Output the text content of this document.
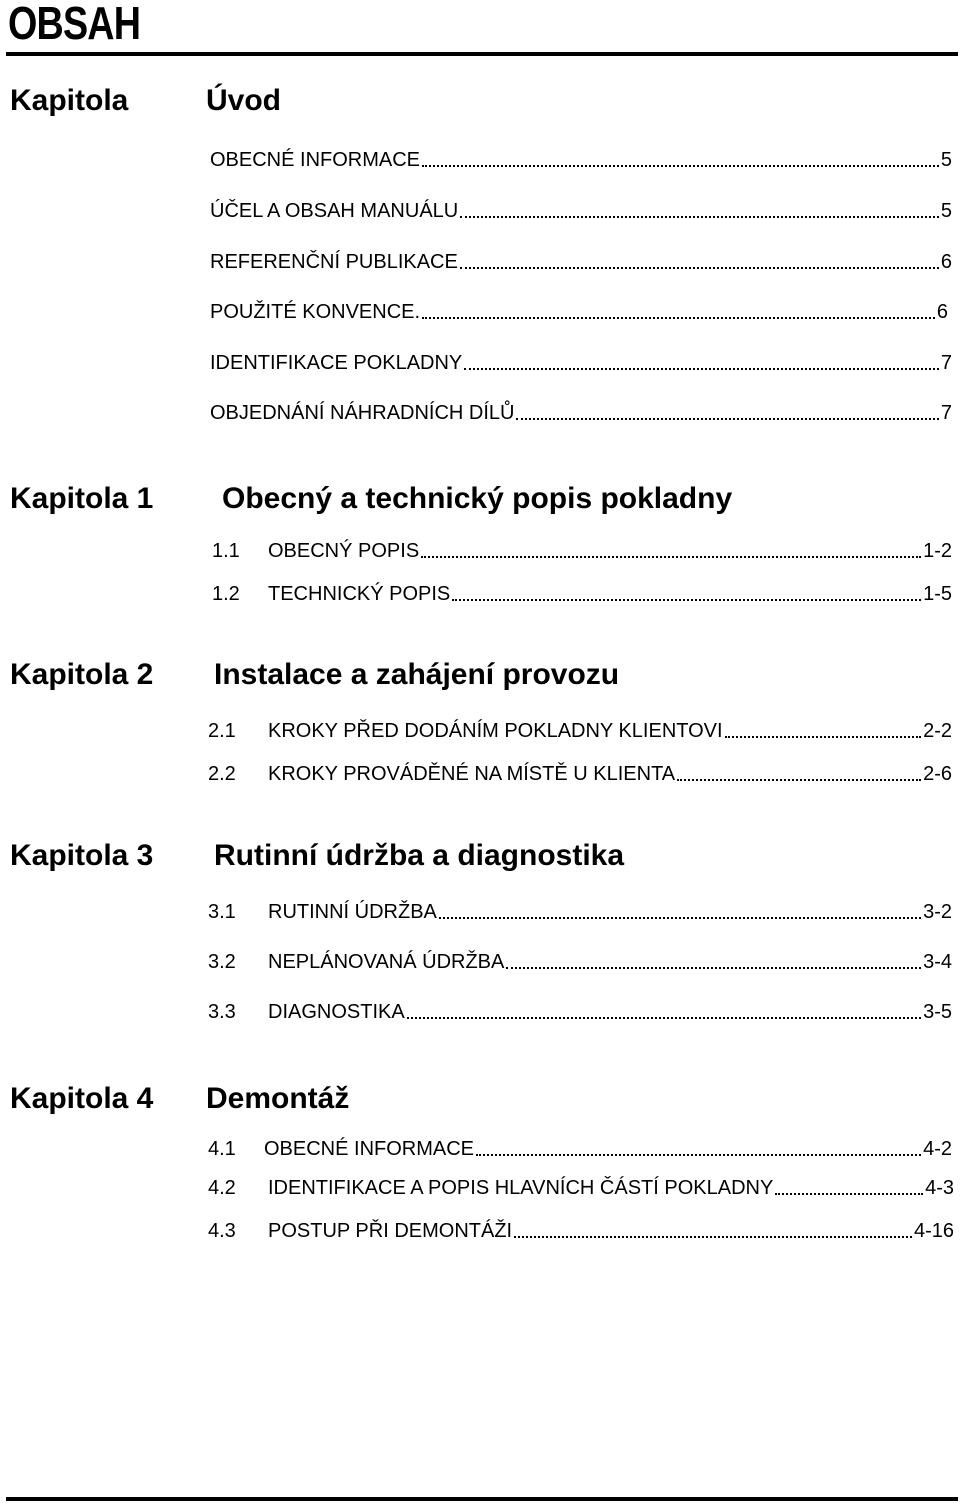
OBSAH
Kapitola	Úvod
OBECNÉ INFORMACE	5
ÚČEL A OBSAH MANUÁLU	5
REFERENČNÍ PUBLIKACE	6
POUŽITÉ KONVENCE.	6
IDENTIFIKACE POKLADNY	7
OBJEDNÁNÍ NÁHRADNÍCH DÍLŮ	7
Kapitola 1 Obecný a technický popis pokladny
1.1	OBECNÝ POPIS	1-2
1.2	TECHNICKÝ POPIS	1-5
Kapitola 2 Instalace a zahájení provozu
2.1	KROKY PŘED DODÁNÍM POKLADNY KLIENTOVI	2-2
2.2	KROKY PROVÁDĚNÉ NA MÍSTĚ U KLIENTA	2-6
Kapitola 3 Rutinní údržba a diagnostika
3.1	RUTINNÍ ÚDRŽBA	3-2
3.2	NEPLÁNOVANÁ ÚDRŽBA	3-4
3.3	DIAGNOSTIKA	3-5
Kapitola 4 Demontáž
4.1	OBECNÉ INFORMACE	4-2
4.2	IDENTIFIKACE A POPIS HLAVNÍCH ČÁSTÍ POKLADNY	4-3
4.3	POSTUP PŘI DEMONTÁŽI	4-16
